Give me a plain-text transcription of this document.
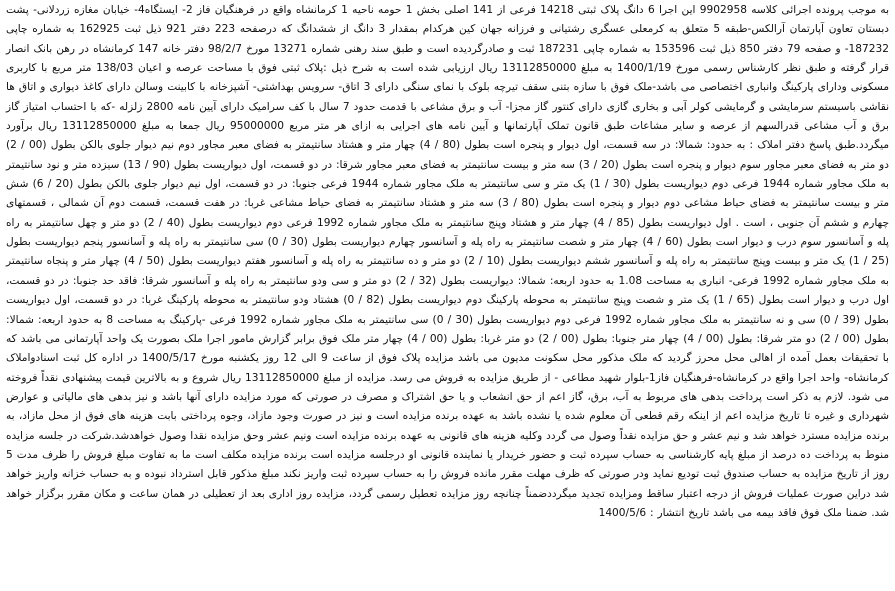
به موجب پرونده اجرائی کلاسه 9902958 این اجرا 6 دانگ پلاک ثبتی 14218 فرعی از 141 اصلی بخش 1 حومه ناحیه 1 کرمانشاه واقع در فرهنگیان فاز 2- ایستگاه4- خیابان مغازه زردلانی- پشت دبستان تعاون آپارتمان آرالکس-طبقه 5 متعلق به کرمعلی عسگری رشتیانی و فرزانه جهان کین هرکدام بمقدار 3 دانگ از ششدانگ که درصفحه 223 دفتر 921 ذیل ثبت 162925 به شماره چاپی 187232- و صفحه 79 دفتر 850 ذیل ثبت 153596 به شماره چاپی 187231 ثبت و صادرگردیده است و طبق سند رهنی شماره 13271 مورخ 98/2/7 دفتر خانه 147 کرمانشاه در رهن بانک انصار قرار گرفته و طبق نظر کارشناس رسمی مورخ 1400/1/19 به مبلغ 13112850000 ریال ارزیابی شده است به شرح ذیل :پلاک ثبتی فوق با مساحت عرصه و اعیان 138/03 متر مربع با کاربری مسکونی ودارای پارکینگ وانباری اختصاصی می باشد-ملک فوق با سازه بتنی سقف تیرچه بلوک با نمای سنگی دارای 3 اتاق- سرویس بهداشتی- آشپزخانه با کابینت وسالن دارای کاغذ دیواری و اتاق ها نقاشی باسیستم سرمایشی و گرمایشی کولر آبی و بخاری گازی دارای کنتور گاز مجزا- آب و برق مشاعی با قدمت حدود 7 سال با کف سرامیک دارای آیین نامه 2800 زلزله -که با احتساب امتیاز گاز برق و آب مشاعی قدرالسهم از عرصه و سایر مشاعات طبق قانون تملک آپارتمانها و آیین نامه های اجرایی به ازای هر متر مربع 95000000 ریال جمعا به مبلغ 13112850000 ریال برآورد میگردد.طبق پاسخ دفتر املاک : به حدود: شمالا: در سه قسمت، اول دیوار و پنجره است بطول (80 / 4) چهار متر و هشتاد سانتیمتر به فضای معبر مجاور دوم نیم دیوار جلوی بالکن بطول (00 / 2) دو متر به فضای معبر مجاور سوم دیوار و پنجره است بطول (20 / 3) سه متر و بیست سانتیمتر به فضای معبر مجاور شرقا: در دو قسمت، اول دیواریست بطول (90 / 13) سیزده متر و نود سانتیمتر به ملک مجاور شماره 1944 فرعی دوم دیواریست بطول (30 / 1) یک متر و سی سانتیمتر به ملک مجاور شماره 1944 فرعی جنوبا: در دو قسمت، اول نیم دیوار جلوی بالکن بطول (20 / 6) شش متر و بیست سانتیمتر به فضای حیاط مشاعی دوم دیوار و پنجره است بطول (80 / 3) سه متر و هشتاد سانتیمتر به فضای حیاط مشاعی غربا: در هفت قسمت، قسمت دوم آن شمالی ، قسمتهای چهارم و ششم آن جنوبی ، است . اول دیواریست بطول (85 / 4) چهار متر و هشتاد وپنج سانتیمتر به ملک مجاور شماره 1992 فرعی دوم دیواریست بطول (40 / 2) دو متر و چهل سانتیمتر به راه پله و آسانسور سوم درب و دیوار است بطول (60 / 4) چهار متر و شصت سانتیمتر به راه پله و آسانسور چهارم دیواریست بطول (30 / 0) سی سانتیمتر به راه پله و آسانسور پنجم دیواریست بطول (25 / 1) یک متر و بیست وپنج سانتیمتر به راه پله و آسانسور ششم دیواریست بطول (10 / 2) دو متر و ده سانتیمتر به راه پله و آسانسور هفتم دیواریست بطول (50 / 4) چهار متر و پنجاه سانتیمتر به ملک مجاور شماره 1992 فرعی- انباری به مساحت 1.08 به حدود اربعه: شمالا: دیواریست بطول (32 / 2) دو متر و سی ودو سانتیمتر به راه پله و آسانسور شرقا: فاقد حد جنوبا: در دو قسمت، اول درب و دیوار است بطول (65 / 1) یک متر و شصت وپنج سانتیمتر به محوطه پارکینگ دوم دیواریست بطول (82 / 0) هشتاد ودو سانتیمتر به محوطه پارکینگ غربا: در دو قسمت، اول دیواریست بطول (39 / 0) سی و نه سانتیمتر به ملک مجاور شماره 1992 فرعی دوم دیواریست بطول (30 / 0) سی سانتیمتر به ملک مجاور شماره 1992 فرعی -پارکینگ به مساحت 8 به حدود اربعه: شمالا: بطول (00 / 2) دو متر شرقا: بطول (00 / 4) چهار متر جنوبا: بطول (00 / 2) دو متر غربا: بطول (00 / 4) چهار متر ملک فوق برابر گزارش مامور اجرا ملک بصورت یک واحد آپارتمانی می باشد که با تحقیقات بعمل آمده از اهالی محل محرز گردید که ملک مذکور محل سکونت مدیون می باشد مزایده پلاک فوق از ساعت 9 الی 12 روز یکشنبه مورخ 1400/5/17 در اداره کل ثبت اسنادواملاک کرمانشاه- واحد اجرا واقع در کرمانشاه-فرهنگیان فاز1-بلوار شهید مطاعی - از طریق مزایده به فروش می رسد. مزایده از مبلغ 13112850000 ریال شروع و به بالاترین قیمت پیشنهادی نقداً فروخته می شود. لازم به ذکر است پرداخت بدهی های مربوط به آب، برق، گاز اعم از حق انشعاب و یا حق اشتراک و مصرف در صورتی که مورد مزایده دارای آنها باشد و نیز بدهی های مالیاتی و عوارض شهرداری و غیره تا تاریخ مزایده اعم از اینکه رقم قطعی آن معلوم شده یا نشده باشد به عهده برنده مزایده است و نیز در صورت وجود مازاد، وجوه پرداختی بابت هزینه های فوق از محل مازاد، به برنده مزایده مسترد خواهد شد و نیم عشر و حق مزایده نقداً وصول می گردد وکلیه هزینه های قانونی به عهده برنده مزایده است ونیم عشر وحق مزایده نقدا وصول خواهدشد.شرکت در جلسه مزایده منوط به پرداخت ده درصد از مبلغ پایه کارشناسی به حساب سپرده ثبت و حضور خریدار یا نماینده قانونی او درجلسه مزایده است برنده مزایده مکلف است ما به تفاوت مبلغ فروش را ظرف مدت 5 روز از تاریخ مزایده به حساب صندوق ثبت تودیع نماید ودر صورتی که ظرف مهلت مقرر مانده فروش را به حساب سپرده ثبت واریز نکند مبلغ مذکور قابل استرداد نبوده و به حساب خزانه واریز خواهد شد دراین صورت عملیات فروش از درجه اعتبار ساقط ومزایده تجدید میگرددضمناً چنانچه روز مزایده تعطیل رسمی گردد، مزایده روز اداری بعد از تعطیلی در همان ساعت و مکان مقرر برگزار خواهد شد. ضمنا ملک فوق فاقد بیمه می باشد تاریخ انتشار : 1400/5/6
